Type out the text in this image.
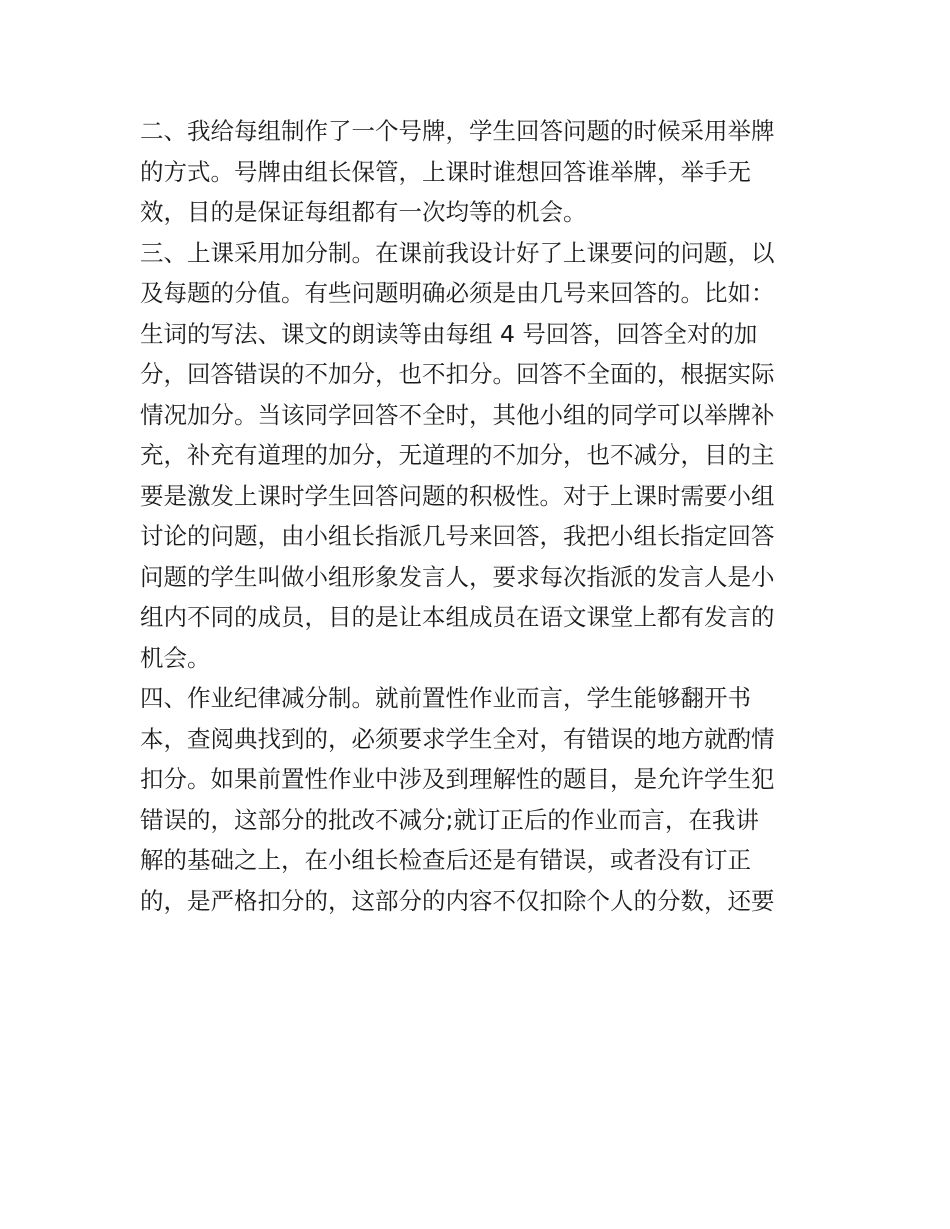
二、我给每组制作了一个号牌，学生回答问题的时候采用举牌

的方式。号牌由组长保管，上课时谁想回答谁举牌，举手无

效，目的是保证每组都有一次均等的机会。

三、上课采用加分制。在课前我设计好了上课要问的问题，以

及每题的分值。有些问题明确必须是由几号来回答的。比如：

生词的写法、课文的朗读等由每组 4 号回答，回答全对的加

分，回答错误的不加分，也不扣分。回答不全面的，根据实际

情况加分。当该同学回答不全时，其他小组的同学可以举牌补

充，补充有道理的加分，无道理的不加分，也不减分，目的主

要是激发上课时学生回答问题的积极性。对于上课时需要小组

讨论的问题，由小组长指派几号来回答，我把小组长指定回答

问题的学生叫做小组形象发言人，要求每次指派的发言人是小

组内不同的成员，目的是让本组成员在语文课堂上都有发言的

机会。

四、作业纪律减分制。就前置性作业而言，学生能够翻开书

本，查阅典找到的，必须要求学生全对，有错误的地方就酌情

扣分。如果前置性作业中涉及到理解性的题目，是允许学生犯

错误的，这部分的批改不减分;就订正后的作业而言，在我讲

解的基础之上，在小组长检查后还是有错误，或者没有订正

的，是严格扣分的，这部分的内容不仅扣除个人的分数，还要
